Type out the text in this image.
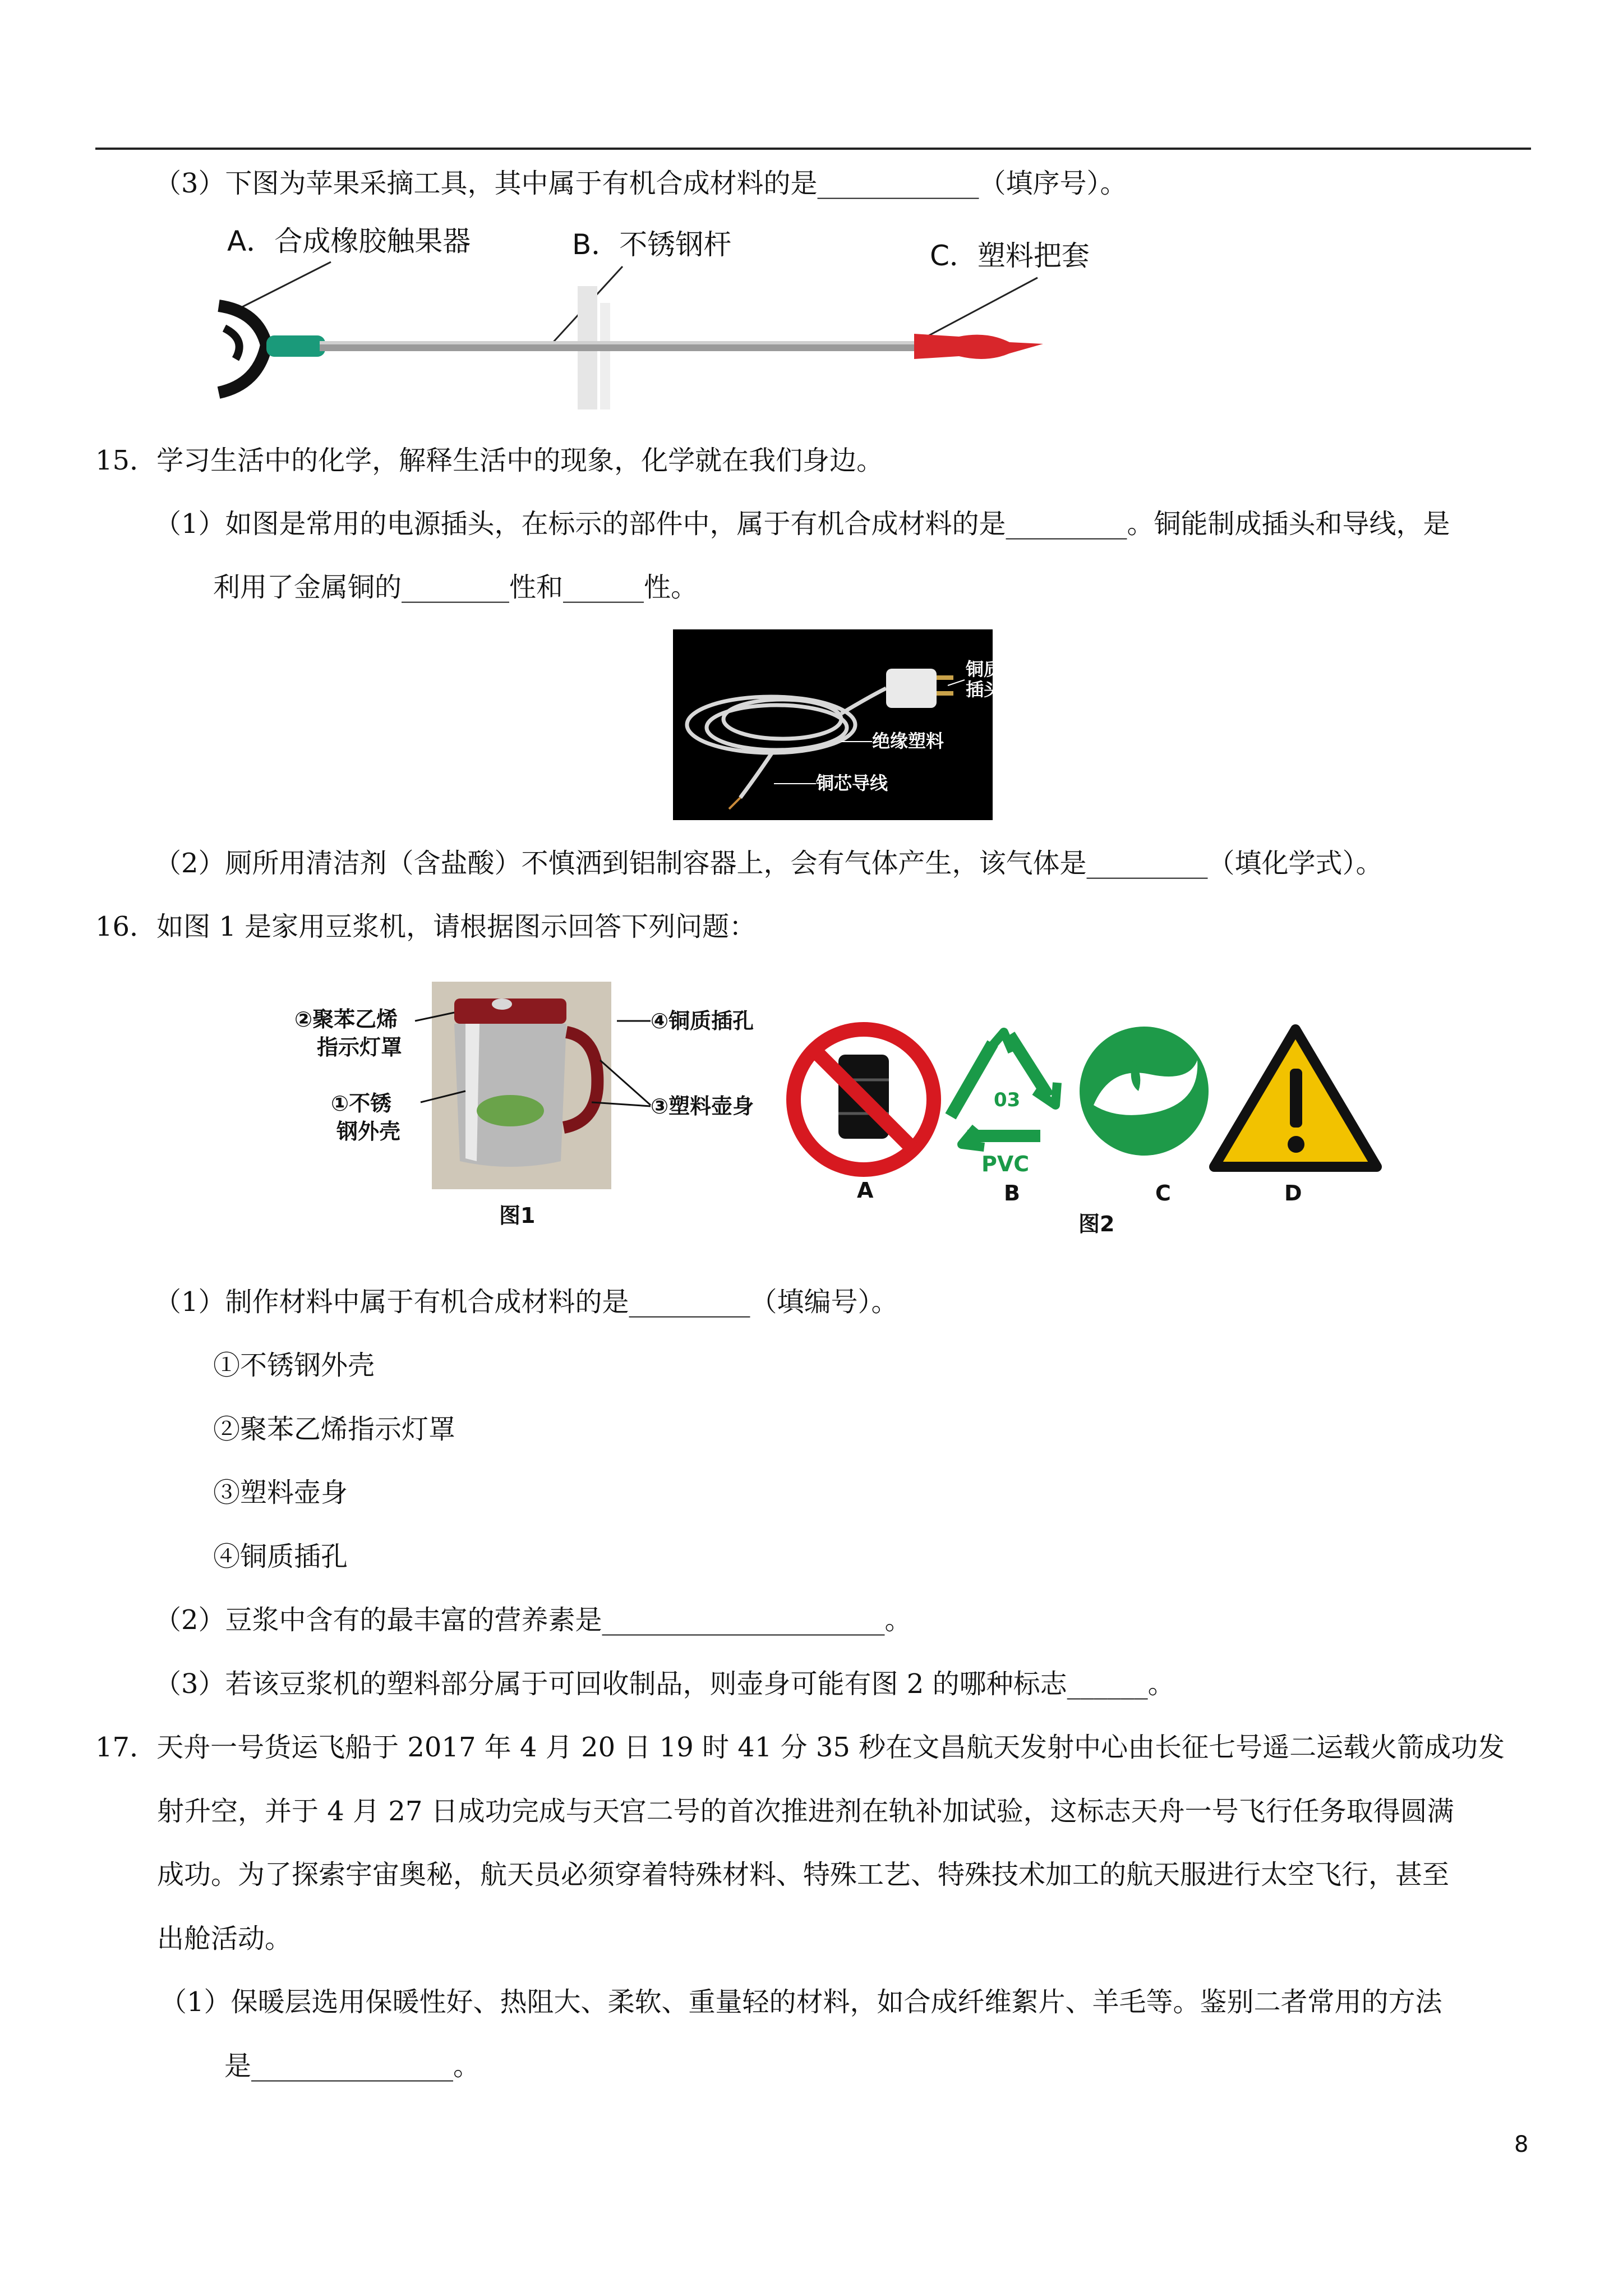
（3）下图为苹果采摘工具，其中属于有机合成材料的是____________（填序号）。
A．合成橡胶触果器	B．不锈钢杆	C．塑料把套
15．学习生活中的化学，解释生活中的现象，化学就在我们身边。
（1）如图是常用的电源插头，在标示的部件中，属于有机合成材料的是_________。铜能制成插头和导线，是
利用了金属铜的________性和______性。
铜质
插头
绝缘塑料
铜芯导线
（2）厕所用清洁剂（含盐酸）不慎洒到铝制容器上，会有气体产生，该气体是_________（填化学式）。
16．如图 1 是家用豆浆机，请根据图示回答下列问题：
②聚苯乙烯
指示灯罩
①不锈
钢外壳
④铜质插孔
③塑料壶身
图1
03
PVC
A	B	C	D
图2
（1）制作材料中属于有机合成材料的是_________（填编号）。
①不锈钢外壳
②聚苯乙烯指示灯罩
③塑料壶身
④铜质插孔
（2）豆浆中含有的最丰富的营养素是_____________________。
（3）若该豆浆机的塑料部分属于可回收制品，则壶身可能有图 2 的哪种标志______。
17．天舟一号货运飞船于 2017 年 4 月 20 日 19 时 41 分 35 秒在文昌航天发射中心由长征七号遥二运载火箭成功发
射升空，并于 4 月 27 日成功完成与天宫二号的首次推进剂在轨补加试验，这标志天舟一号飞行任务取得圆满
成功。为了探索宇宙奥秘，航天员必须穿着特殊材料、特殊工艺、特殊技术加工的航天服进行太空飞行，甚至
出舱活动。
（1）保暖层选用保暖性好、热阻大、柔软、重量轻的材料，如合成纤维絮片、羊毛等。鉴别二者常用的方法
是_______________。
8
